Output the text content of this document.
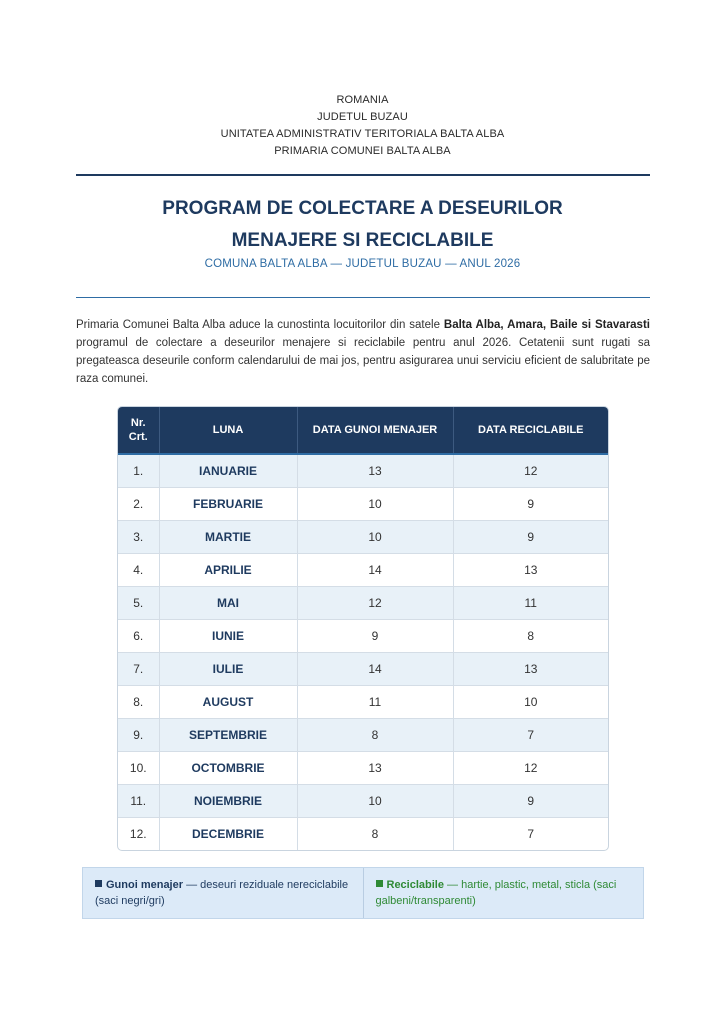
ROMANIA
JUDETUL BUZAU
UNITATEA ADMINISTRATIV TERITORIALA BALTA ALBA
PRIMARIA COMUNEI BALTA ALBA
PROGRAM DE COLECTARE A DESEURILOR
MENAJERE SI RECICLABILE
COMUNA BALTA ALBA — JUDETUL BUZAU — ANUL 2026
Primaria Comunei Balta Alba aduce la cunostinta locuitorilor din satele Balta Alba, Amara, Baile si Stavarasti programul de colectare a deseurilor menajere si reciclabile pentru anul 2026. Cetatenii sunt rugati sa pregateasca deseurile conform calendarului de mai jos, pentru asigurarea unui serviciu eficient de salubritate pe raza comunei.
Nr.
Crt.	LUNA	DATA GUNOI MENAJER	DATA RECICLABILE
1.	IANUARIE	13	12
2.	FEBRUARIE	10	9
3.	MARTIE	10	9
4.	APRILIE	14	13
5.	MAI	12	11
6.	IUNIE	9	8
7.	IULIE	14	13
8.	AUGUST	11	10
9.	SEPTEMBRIE	8	7
10.	OCTOMBRIE	13	12
11.	NOIEMBRIE	10	9
12.	DECEMBRIE	8	7
Gunoi menajer — deseuri reziduale nereciclabile (saci negri/gri)
Reciclabile — hartie, plastic, metal, sticla (saci galbeni/transparenti)
